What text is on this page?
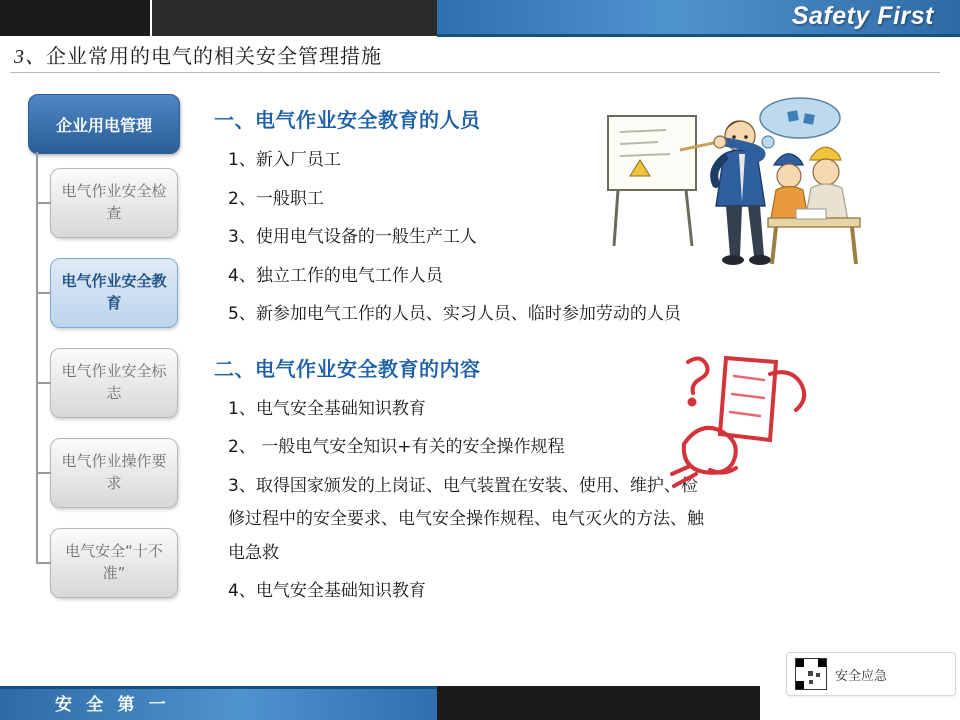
Safety First
3、企业常用的电气的相关安全管理措施
企业用电管理
电气作业安全检查
电气作业安全教育
电气作业安全标志
电气作业操作要求
电气安全“十不准”
一、电气作业安全教育的人员
1、新入厂员工
2、一般职工
3、使用电气设备的一般生产工人
4、独立工作的电气工作人员
5、新参加电气工作的人员、实习人员、临时参加劳动的人员
二、电气作业安全教育的内容
1、电气安全基础知识教育
2、 一般电气安全知识+有关的安全操作规程
3、取得国家颁发的上岗证、电气装置在安装、使用、维护、检
修过程中的安全要求、电气安全操作规程、电气灭火的方法、触
电急救
4、电气安全基础知识教育
安 全 第 一
安全应急
